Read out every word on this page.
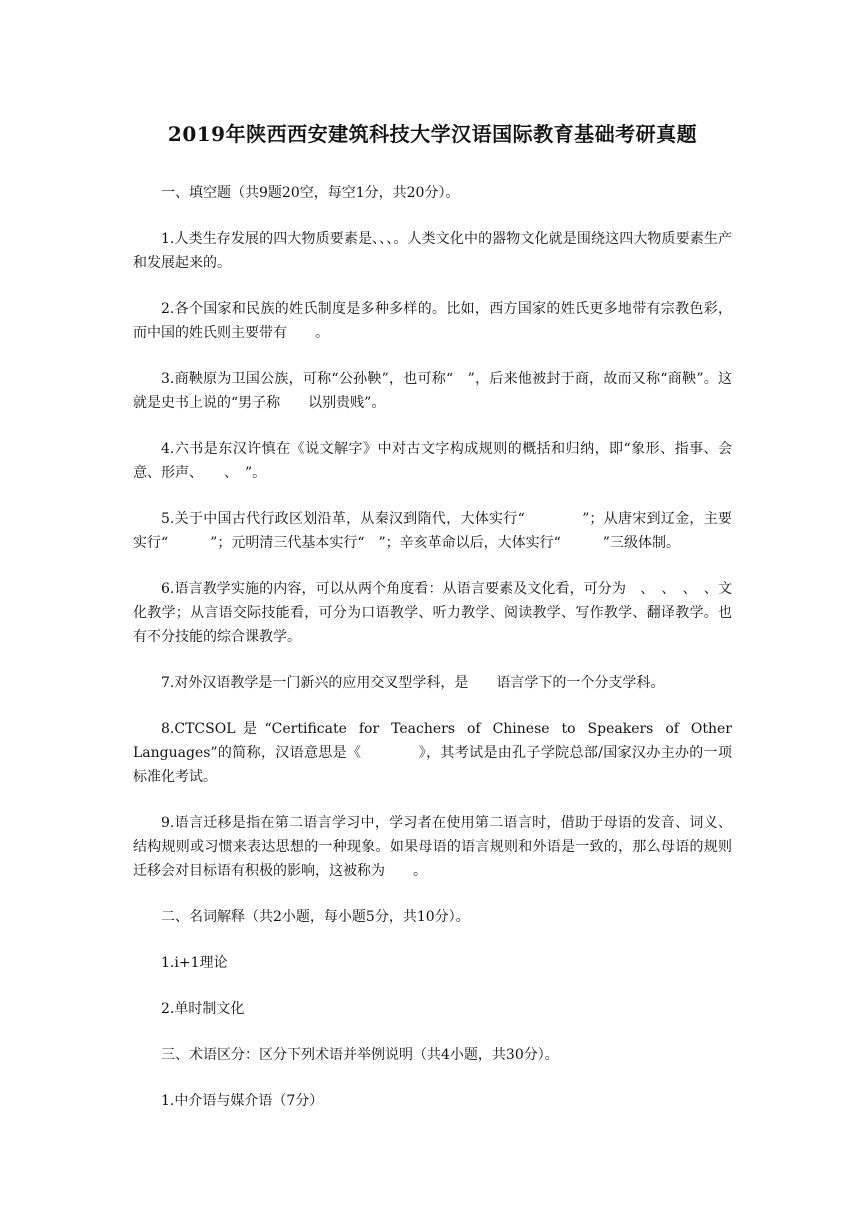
2019年陕西西安建筑科技大学汉语国际教育基础考研真题

一、填空题（共9题20空，每空1分，共20分）。

1.人类生存发展的四大物质要素是、、、。人类文化中的器物文化就是围绕这四大物质要素生产和发展起来的。

2.各个国家和民族的姓氏制度是多种多样的。比如，西方国家的姓氏更多地带有宗教色彩，而中国的姓氏则主要带有　　。

3.商鞅原为卫国公族，可称“公孙鞅”，也可称“　”，后来他被封于商，故而又称“商鞅”。这就是史书上说的“男子称　　以别贵贱”。

4.六书是东汉许慎在《说文解字》中对古文字构成规则的概括和归纳，即“象形、指事、会意、形声、　　、　”。

5.关于中国古代行政区划沿革，从秦汉到隋代，大体实行“　　　　”；从唐宋到辽金，主要实行“　　　”；元明清三代基本实行“　”；辛亥革命以后，大体实行“　　　”三级体制。

6.语言教学实施的内容，可以从两个角度看：从语言要素及文化看，可分为　、　、　、　、文化教学；从言语交际技能看，可分为口语教学、听力教学、阅读教学、写作教学、翻译教学。也有不分技能的综合课教学。

7.对外汉语教学是一门新兴的应用交叉型学科，是　　语言学下的一个分支学科。

8.CTCSOL是“Certificate for Teachers of Chinese to Speakers of Other Languages”的简称，汉语意思是《　　　　》，其考试是由孔子学院总部/国家汉办主办的一项标准化考试。

9.语言迁移是指在第二语言学习中，学习者在使用第二语言时，借助于母语的发音、词义、结构规则或习惯来表达思想的一种现象。如果母语的语言规则和外语是一致的，那么母语的规则迁移会对目标语有积极的影响，这被称为　　。

二、名词解释（共2小题，每小题5分，共10分）。

1.i+1理论

2.单时制文化

三、术语区分：区分下列术语并举例说明（共4小题，共30分）。

1.中介语与媒介语（7分）
